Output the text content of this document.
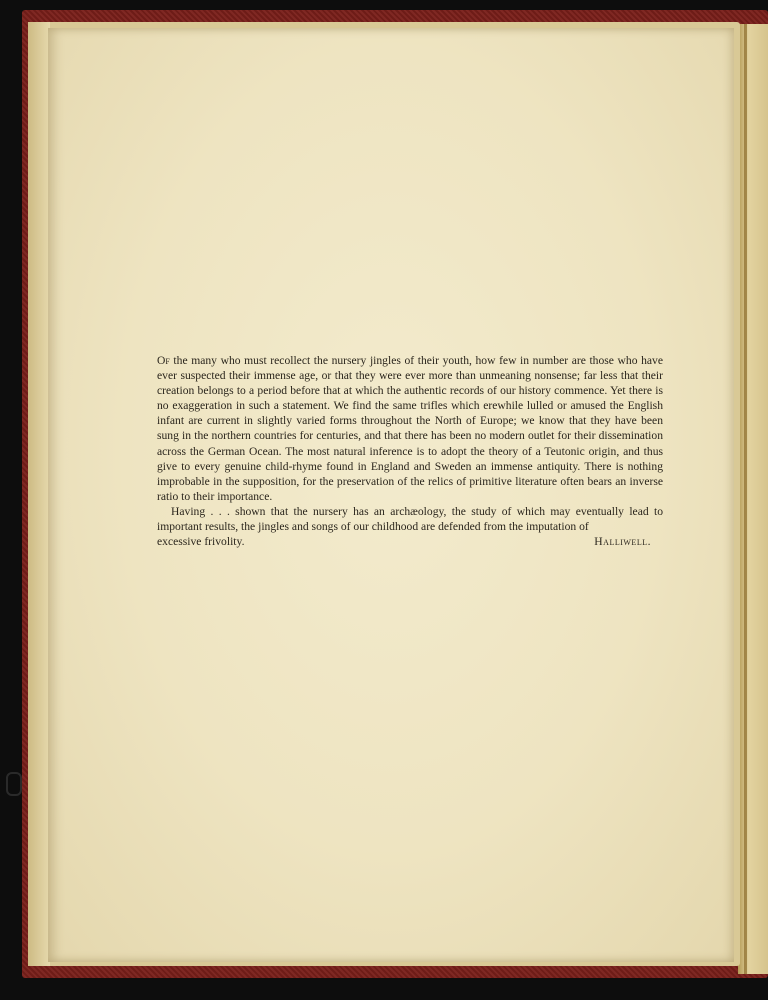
Of the many who must recollect the nursery jingles of their youth, how few in number are those who have ever suspected their immense age, or that they were ever more than unmeaning nonsense; far less that their creation belongs to a period before that at which the authentic records of our history commence. Yet there is no exaggeration in such a statement. We find the same trifles which erewhile lulled or amused the English infant are current in slightly varied forms throughout the North of Europe; we know that they have been sung in the northern countries for centuries, and that there has been no modern outlet for their dissemination across the German Ocean. The most natural inference is to adopt the theory of a Teutonic origin, and thus give to every genuine child-rhyme found in England and Sweden an immense antiquity. There is nothing improbable in the supposition, for the preservation of the relics of primitive literature often bears an inverse ratio to their importance.

Having . . . shown that the nursery has an archæology, the study of which may eventually lead to important results, the jingles and songs of our childhood are defended from the imputation of

excessive frivolity.	Halliwell.
